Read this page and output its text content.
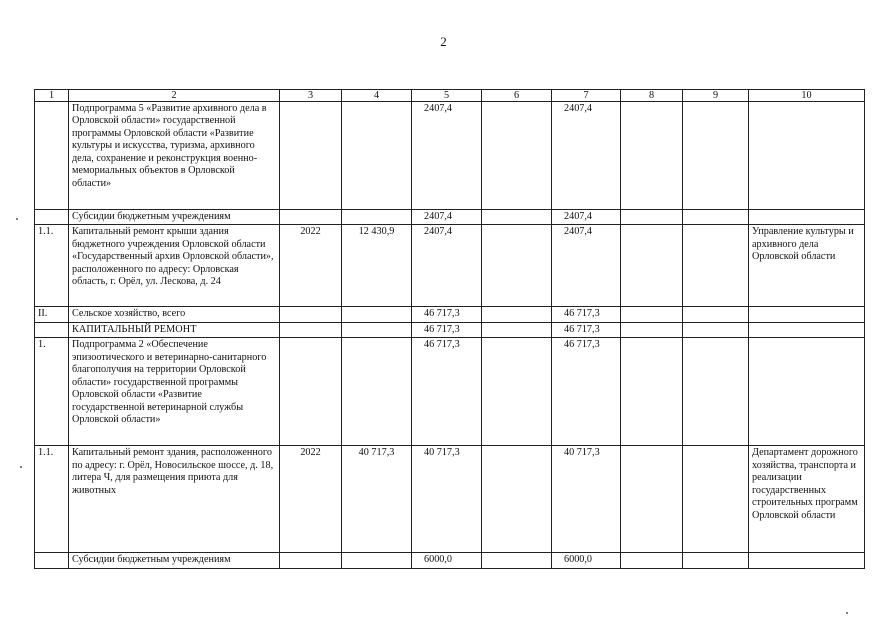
2
1	2	3	4	5	6	7	8	9	10
	Подпрограмма 5 «Развитие архивного дела в Орловской области» государственной программы Орловской области «Развитие культуры и искусства, туризма, архивного дела, сохранение и реконструкция военно-мемориальных объектов в Орловской области»			2407,4		2407,4			
	Субсидии бюджетным учреждениям			2407,4		2407,4			
1.1.	Капитальный ремонт крыши здания бюджетного учреждения Орловской области «Государственный архив Орловской области», расположенного по адресу: Орловская область, г. Орёл, ул. Лескова, д. 24	2022	12 430,9	2407,4		2407,4			Управление культуры и архивного дела Орловской области
II.	Сельское хозяйство, всего			46 717,3		46 717,3			
	КАПИТАЛЬНЫЙ РЕМОНТ			46 717,3		46 717,3			
1.	Подпрограмма 2 «Обеспечение эпизоотического и ветеринарно-санитарного благополучия на территории Орловской области» государственной программы Орловской области «Развитие государственной ветеринарной службы Орловской области»			46 717,3		46 717,3			
1.1.	Капитальный ремонт здания, расположенного по адресу: г. Орёл, Новосильское шоссе, д. 18, литера Ч, для размещения приюта для животных	2022	40 717,3	40 717,3		40 717,3			Департамент дорожного хозяйства, транспорта и реализации государственных строительных программ Орловской области
	Субсидии бюджетным учреждениям			6000,0		6000,0			
